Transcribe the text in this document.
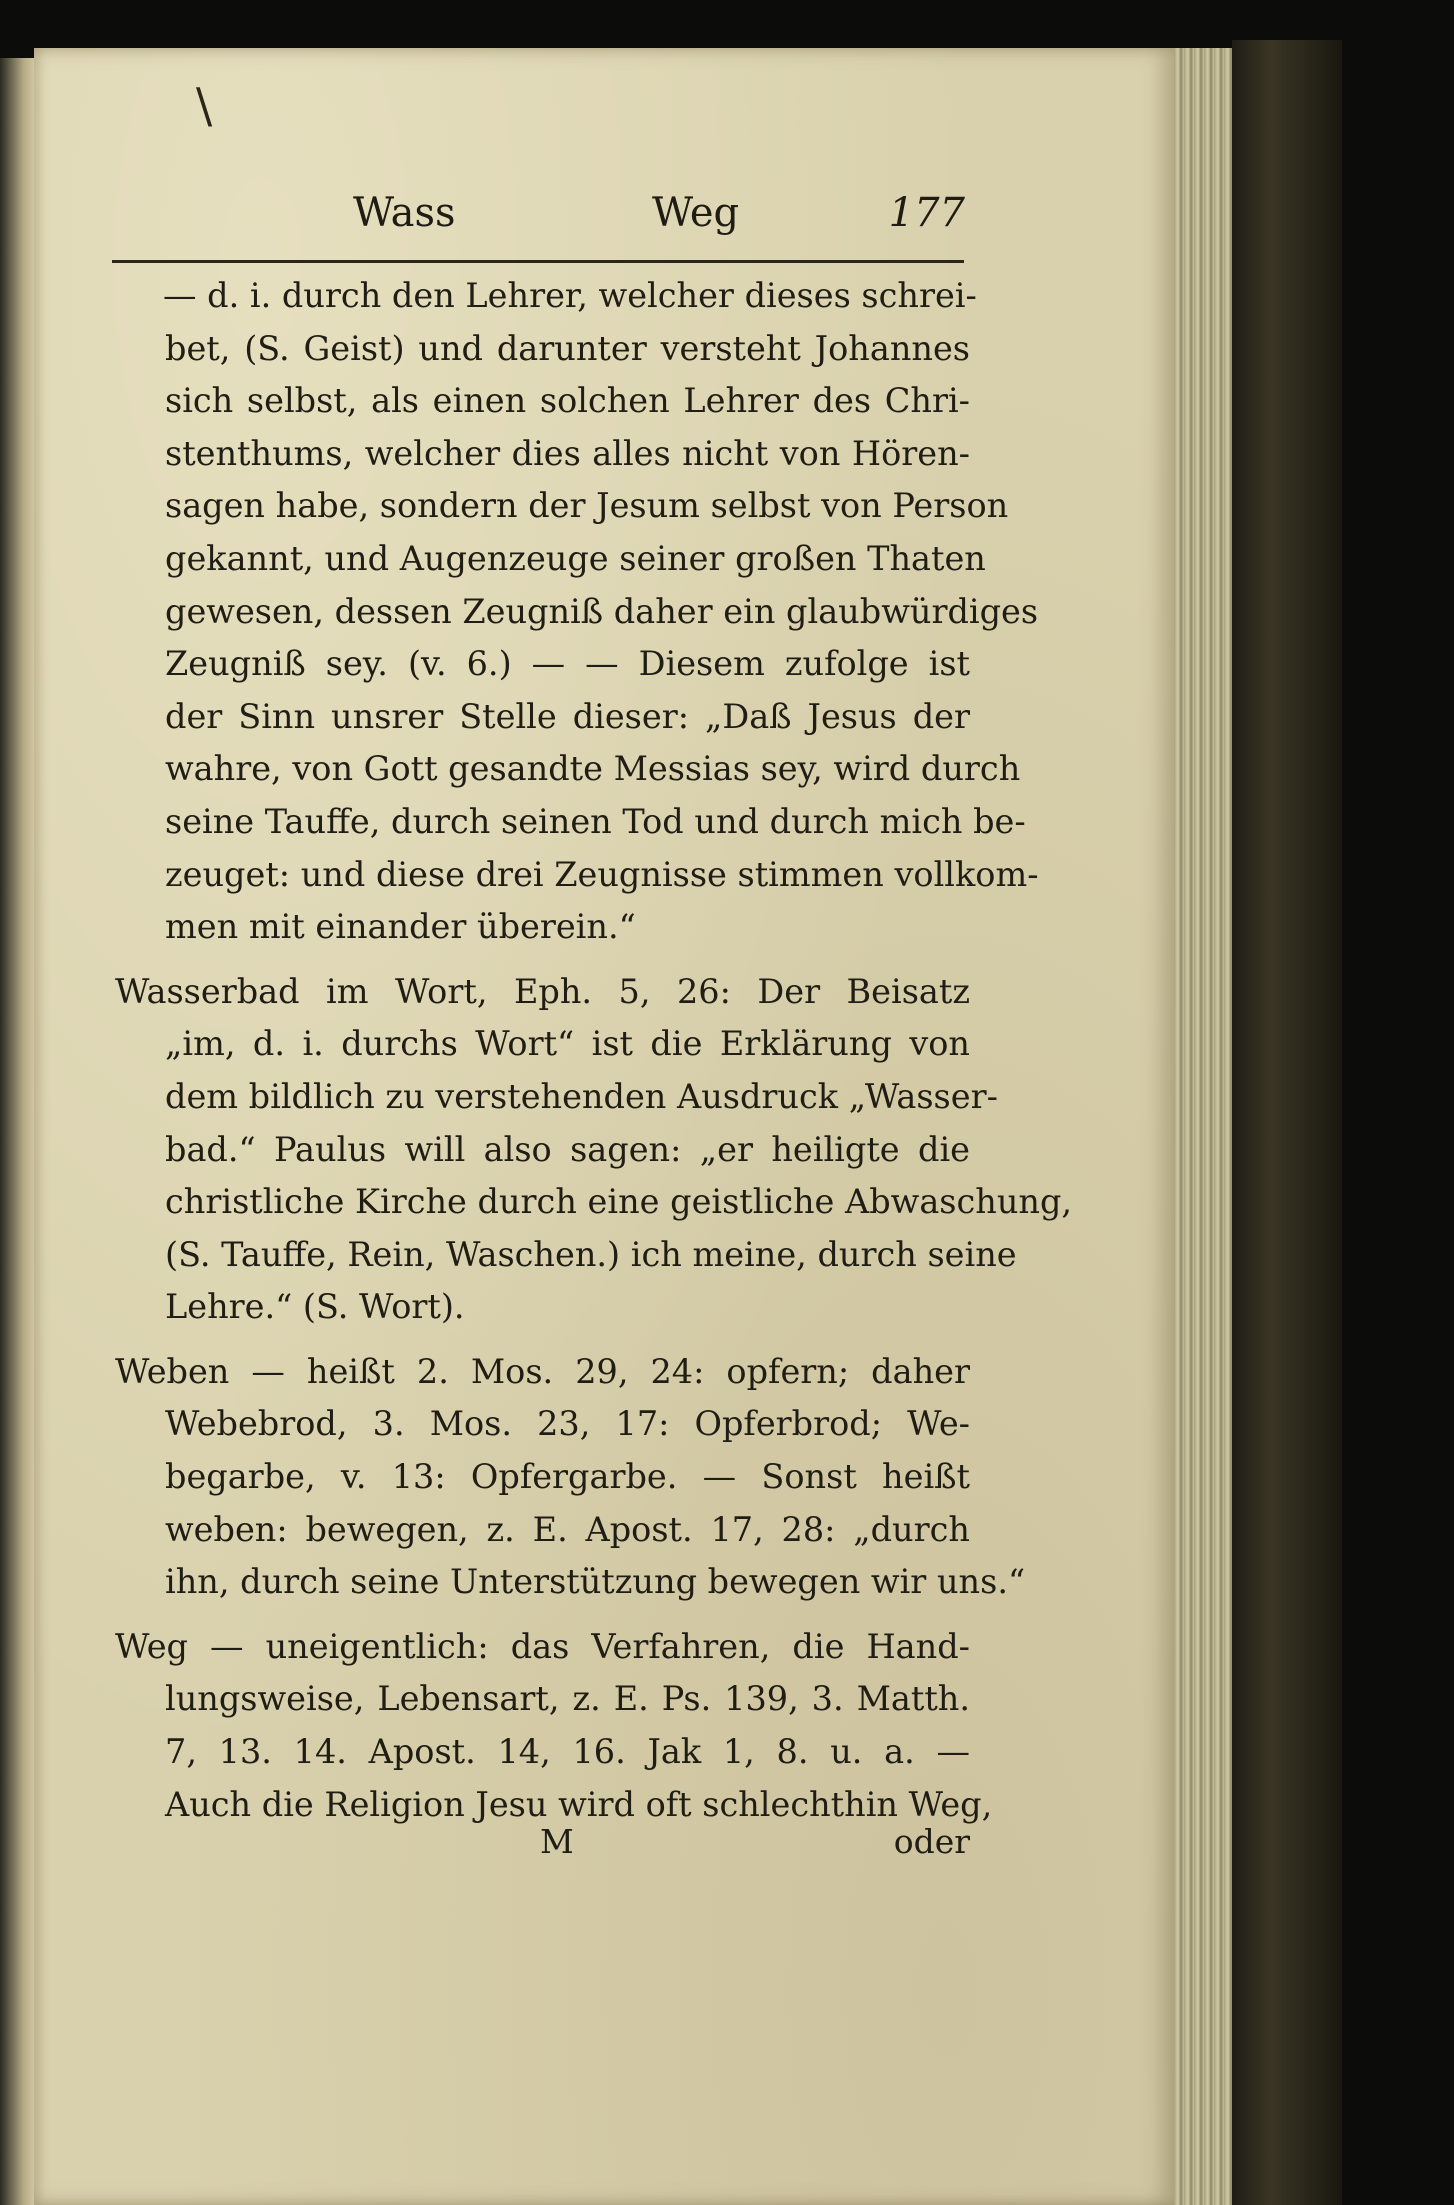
\
Wass	Weg	177
— d. i. durch den Lehrer, welcher dieses schrei-
bet, (S. Geist) und darunter versteht Johannes
sich selbst, als einen solchen Lehrer des Chri-
stenthums, welcher dies alles nicht von Hören-
sagen habe, sondern der Jesum selbst von Person
gekannt, und Augenzeuge seiner großen Thaten
gewesen, dessen Zeugniß daher ein glaubwürdiges
Zeugniß sey. (v. 6.) — — Diesem zufolge ist
der Sinn unsrer Stelle dieser: „Daß Jesus der
wahre, von Gott gesandte Messias sey, wird durch
seine Tauffe, durch seinen Tod und durch mich be-
zeuget: und diese drei Zeugnisse stimmen vollkom-
men mit einander überein.“
Wasserbad im Wort, Eph. 5, 26: Der Beisatz
„im, d. i. durchs Wort“ ist die Erklärung von
dem bildlich zu verstehenden Ausdruck „Wasser-
bad.“ Paulus will also sagen: „er heiligte die
christliche Kirche durch eine geistliche Abwaschung,
(S. Tauffe, Rein, Waschen.) ich meine, durch seine
Lehre.“ (S. Wort).
Weben — heißt 2. Mos. 29, 24: opfern; daher
Webebrod, 3. Mos. 23, 17: Opferbrod; We-
begarbe, v. 13: Opfergarbe. — Sonst heißt
weben: bewegen, z. E. Apost. 17, 28: „durch
ihn, durch seine Unterstützung bewegen wir uns.“
Weg — uneigentlich: das Verfahren, die Hand-
lungsweise, Lebensart, z. E. Ps. 139, 3. Matth.
7, 13. 14. Apost. 14, 16. Jak 1, 8. u. a. —
Auch die Religion Jesu wird oft schlechthin Weg,
M	oder
